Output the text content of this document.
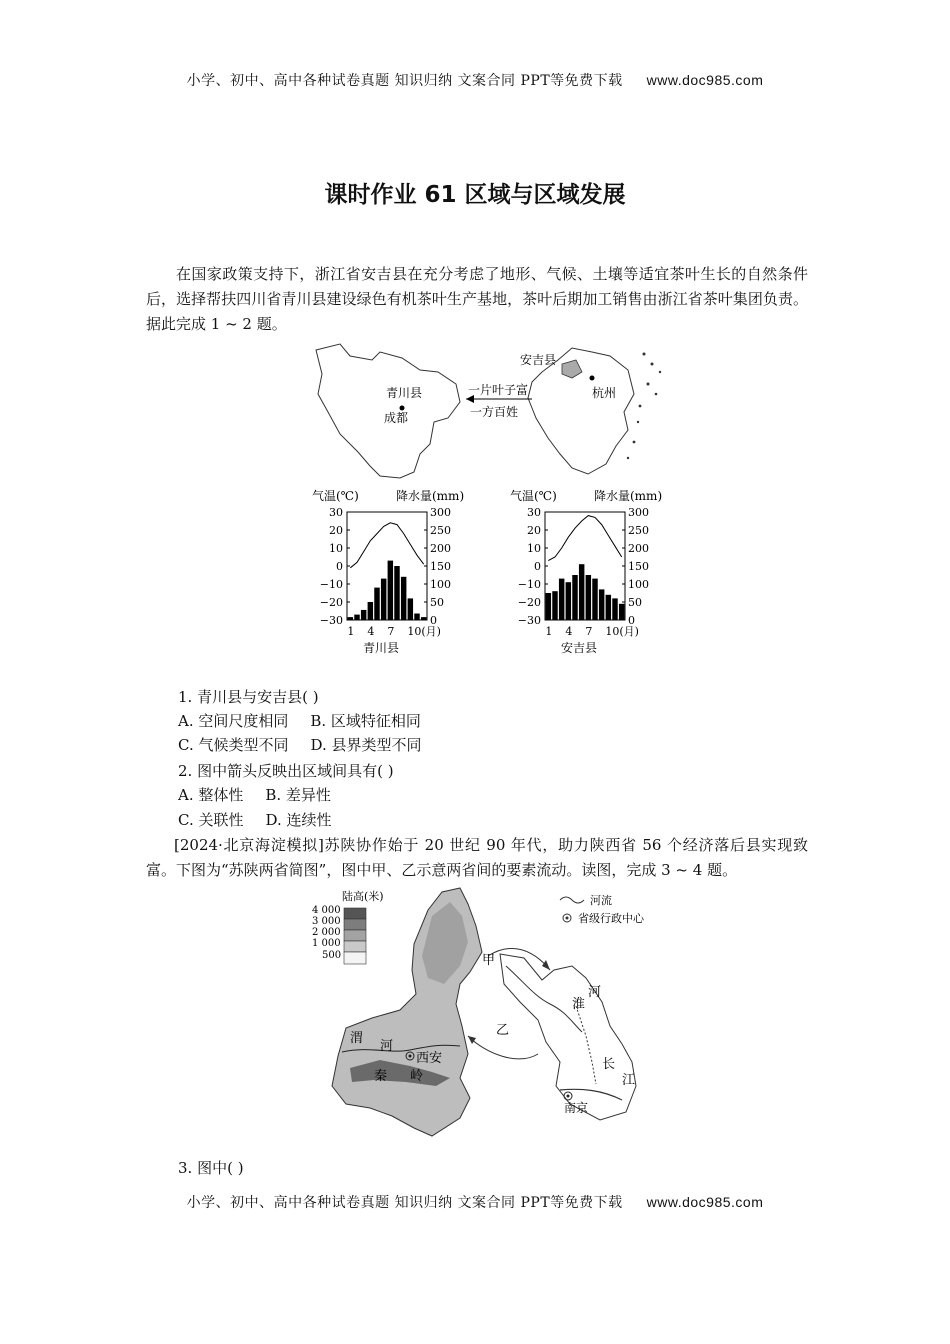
小学、初中、高中各种试卷真题 知识归纳 文案合同 PPT等免费下载 www.doc985.com
课时作业 61 区域与区域发展

在国家政策支持下，浙江省安吉县在充分考虑了地形、气候、土壤等适宜茶叶生长的自然条件后，选择帮扶四川省青川县建设绿色有机茶叶生产基地，茶叶后期加工销售由浙江省茶叶集团负责。据此完成 1 ~ 2 题。

青川县
成都
一片叶子富
一方百姓
安吉县
杭州
气温(℃)	降水量(mm)
30
20
10
0
−10
−20
−30
300
250
200
150
100
50
0
1 4 7 10(月)
青川县
气温(℃)	降水量(mm)
30
20
10
0
−10
−20
−30
300
250
200
150
100
50
0
1 4 7 10(月)
安吉县
1. 青川县与安吉县( )
A. 空间尺度相同 B. 区域特征相同
C. 气候类型不同 D. 县界类型不同
2. 图中箭头反映出区域间具有( )
A. 整体性 B. 差异性
C. 关联性 D. 连续性

[2024·北京海淀模拟]苏陕协作始于 20 世纪 90 年代，助力陕西省 56 个经济落后县实现致富。下图为“苏陕两省简图”，图中甲、乙示意两省间的要素流动。读图，完成 3 ~ 4 题。

陆高(米)
4 000
3 000
2 000
1 000
500
河流
省级行政中心
甲
乙
渭
河
西安
秦 岭
淮
河
长
江
南京
3. 图中( )
小学、初中、高中各种试卷真题 知识归纳 文案合同 PPT等免费下载 www.doc985.com
